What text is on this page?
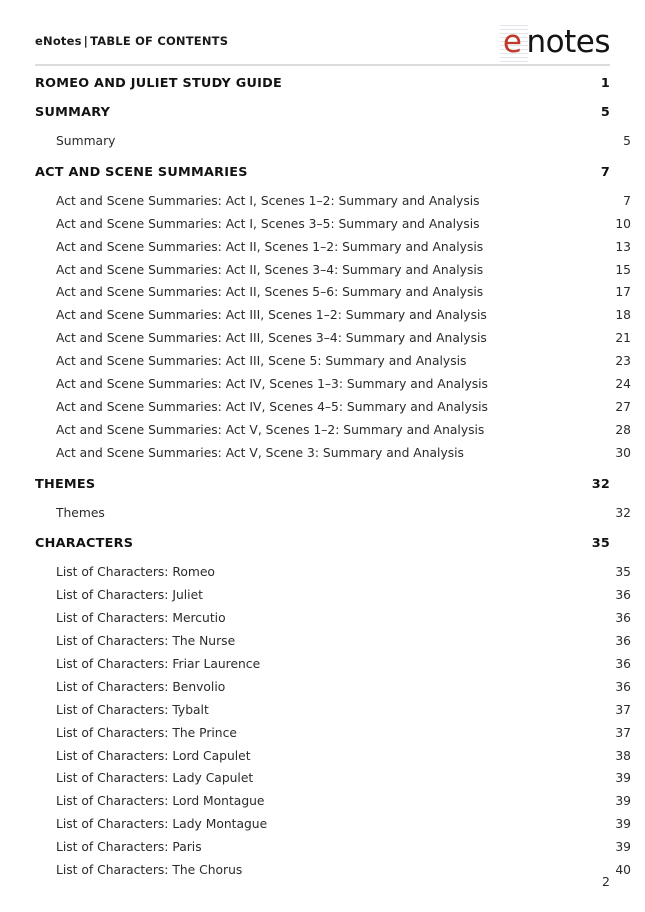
eNotes | TABLE OF CONTENTS	e notes
ROMEO AND JULIET STUDY GUIDE	1
SUMMARY	5
Summary	5
ACT AND SCENE SUMMARIES	7
Act and Scene Summaries: Act I, Scenes 1–2: Summary and Analysis	7
Act and Scene Summaries: Act I, Scenes 3–5: Summary and Analysis	10
Act and Scene Summaries: Act II, Scenes 1–2: Summary and Analysis	13
Act and Scene Summaries: Act II, Scenes 3–4: Summary and Analysis	15
Act and Scene Summaries: Act II, Scenes 5–6: Summary and Analysis	17
Act and Scene Summaries: Act III, Scenes 1–2: Summary and Analysis	18
Act and Scene Summaries: Act III, Scenes 3–4: Summary and Analysis	21
Act and Scene Summaries: Act III, Scene 5: Summary and Analysis	23
Act and Scene Summaries: Act IV, Scenes 1–3: Summary and Analysis	24
Act and Scene Summaries: Act IV, Scenes 4–5: Summary and Analysis	27
Act and Scene Summaries: Act V, Scenes 1–2: Summary and Analysis	28
Act and Scene Summaries: Act V, Scene 3: Summary and Analysis	30
THEMES	32
Themes	32
CHARACTERS	35
List of Characters: Romeo	35
List of Characters: Juliet	36
List of Characters: Mercutio	36
List of Characters: The Nurse	36
List of Characters: Friar Laurence	36
List of Characters: Benvolio	36
List of Characters: Tybalt	37
List of Characters: The Prince	37
List of Characters: Lord Capulet	38
List of Characters: Lady Capulet	39
List of Characters: Lord Montague	39
List of Characters: Lady Montague	39
List of Characters: Paris	39
List of Characters: The Chorus	40
2
